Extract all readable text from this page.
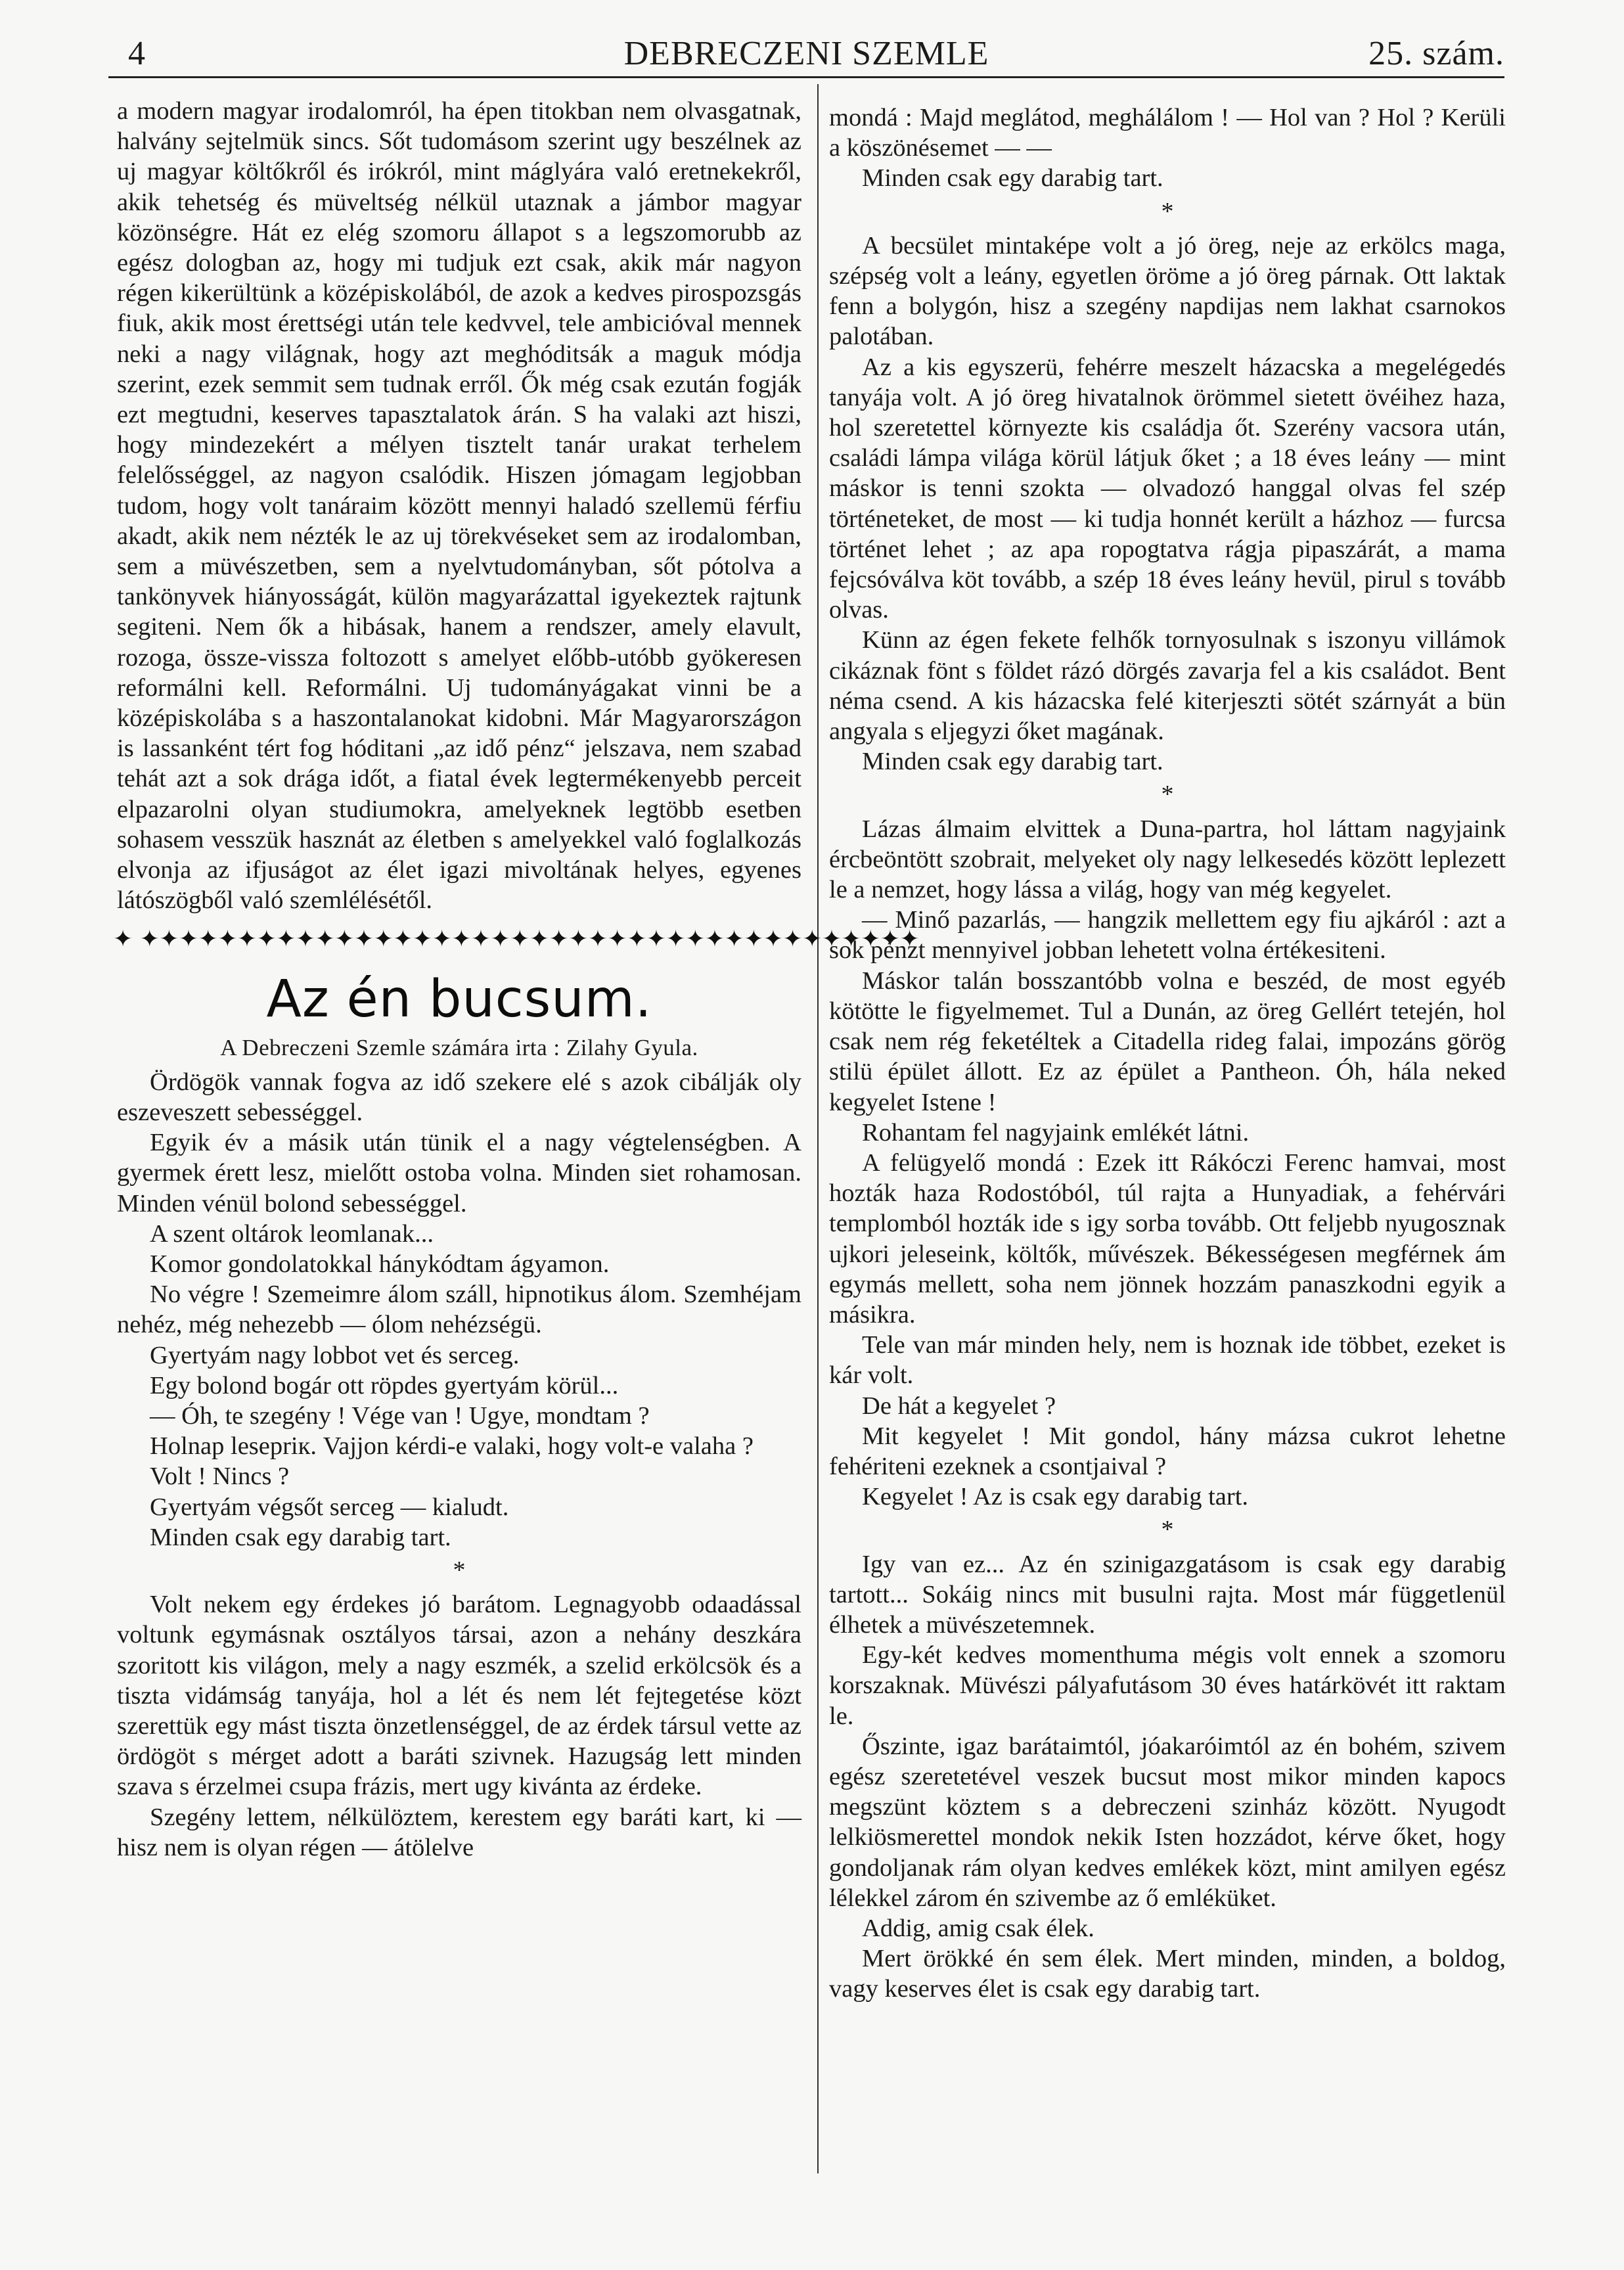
4	DEBRECZENI SZEMLE	25. szám.

a modern magyar irodalomról, ha épen titokban nem olvasgatnak, halvány sejtelmük sincs. Sőt tudomásom szerint ugy beszélnek az uj magyar költőkről és irókról, mint máglyára való eretnekekről, akik tehetség és müveltség nélkül utaznak a jámbor magyar közönségre. Hát ez elég szomoru állapot s a legszomorubb az egész dologban az, hogy mi tudjuk ezt csak, akik már nagyon régen kikerültünk a középiskolából, de azok a kedves pirospozsgás fiuk, akik most érettségi után tele kedvvel, tele ambicióval mennek neki a nagy világnak, hogy azt meghóditsák a maguk módja szerint, ezek semmit sem tudnak erről. Ők még csak ezután fogják ezt megtudni, keserves tapasztalatok árán. S ha valaki azt hiszi, hogy mindezekért a mélyen tisztelt tanár urakat terhelem felelősséggel, az nagyon csalódik. Hiszen jómagam legjobban tudom, hogy volt tanáraim között mennyi haladó szellemü férfiu akadt, akik nem nézték le az uj törekvéseket sem az irodalomban, sem a müvészetben, sem a nyelvtudományban, sőt pótolva a tankönyvek hiányosságát, külön magyarázattal igyekeztek rajtunk segiteni. Nem ők a hibásak, hanem a rendszer, amely elavult, rozoga, össze-vissza foltozott s amelyet előbb-utóbb gyökeresen reformálni kell. Reformálni. Uj tudományágakat vinni be a középiskolába s a haszontalanokat kidobni. Már Magyarországon is lassanként tért fog hóditani „az idő pénz“ jelszava, nem szabad tehát azt a sok drága időt, a fiatal évek legtermékenyebb perceit elpazarolni olyan studiumokra, amelyeknek legtöbb esetben sohasem vesszük hasznát az életben s amelyekkel való foglalkozás elvonja az ifjuságot az élet igazi mivoltának helyes, egyenes látószögből való szemlélésétől.

✦ ✦✦✦✦✦✦✦✦✦✦✦✦✦✦✦✦✦✦✦✦✦✦✦✦✦✦✦✦✦✦✦✦✦✦✦✦✦✦✦✦
Az én bucsum.
A Debreczeni Szemle számára irta : Zilahy Gyula.

Ördögök vannak fogva az idő szekere elé s azok cibálják oly eszeveszett sebességgel.

Egyik év a másik után tünik el a nagy végtelenségben. A gyermek érett lesz, mielőtt ostoba volna. Minden siet rohamosan. Minden vénül bolond sebességgel.

A szent oltárok leomlanak...

Komor gondolatokkal hánykódtam ágyamon.

No végre ! Szemeimre álom száll, hipnotikus álom. Szemhéjam nehéz, még nehezebb — ólom nehézségü.

Gyertyám nagy lobbot vet és serceg.

Egy bolond bogár ott röpdes gyertyám körül...

— Óh, te szegény ! Vége van ! Ugye, mondtam ?

Holnap lesepriк. Vajjon kérdi-e valaki, hogy volt-e valaha ?

Volt ! Nincs ?

Gyertyám végsőt serceg — kialudt.

Minden csak egy darabig tart.

*

Volt nekem egy érdekes jó barátom. Legnagyobb odaadással voltunk egymásnak osztályos társai, azon a nehány deszkára szoritott kis világon, mely a nagy eszmék, a szelid erkölcsök és a tiszta vidámság tanyája, hol a lét és nem lét fejtegetése közt szerettük egy mást tiszta önzetlenséggel, de az érdek társul vette az ördögöt s mérget adott a baráti szivnek. Hazugság lett minden szava s érzelmei csupa frázis, mert ugy kivánta az érdeke.

Szegény lettem, nélkülöztem, kerestem egy baráti kart, ki — hisz nem is olyan régen — átölelve

mondá : Majd meglátod, meghálálom ! — Hol van ? Hol ? Kerüli a köszönésemet — —

Minden csak egy darabig tart.

*

A becsület mintaképe volt a jó öreg, neje az erkölcs maga, szépség volt a leány, egyetlen öröme a jó öreg párnak. Ott laktak fenn a bolygón, hisz a szegény napdijas nem lakhat csarnokos palotában.

Az a kis egyszerü, fehérre meszelt házacska a megelégedés tanyája volt. A jó öreg hivatalnok örömmel sietett övéihez haza, hol szeretettel környezte kis családja őt. Szerény vacsora után, családi lámpa világa körül látjuk őket ; a 18 éves leány — mint máskor is tenni szokta — olvadozó hanggal olvas fel szép történeteket, de most — ki tudja honnét került a házhoz — furcsa történet lehet ; az apa ropogtatva rágja pipaszárát, a mama fejcsóválva köt tovább, a szép 18 éves leány hevül, pirul s tovább olvas.

Künn az égen fekete felhők tornyosulnak s iszonyu villámok cikáznak fönt s földet rázó dörgés zavarja fel a kis családot. Bent néma csend. A kis házacska felé kiterjeszti sötét szárnyát a bün angyala s eljegyzi őket magának.

Minden csak egy darabig tart.

*

Lázas álmaim elvittek a Duna-partra, hol láttam nagyjaink ércbeöntött szobrait, melyeket oly nagy lelkesedés között leplezett le a nemzet, hogy lássa a világ, hogy van még kegyelet.

— Minő pazarlás, — hangzik mellettem egy fiu ajkáról : azt a sok pénzt mennyivel jobban lehetett volna értékesiteni.

Máskor talán bosszantóbb volna e beszéd, de most egyéb kötötte le figyelmemet. Tul a Dunán, az öreg Gellért tetején, hol csak nem rég feketéltek a Citadella rideg falai, impozáns görög stilü épület állott. Ez az épület a Pantheon. Óh, hála neked kegyelet Istene !

Rohantam fel nagyjaink emlékét látni.

A felügyelő mondá : Ezek itt Rákóczi Ferenc hamvai, most hozták haza Rodostóból, túl rajta a Hunyadiak, a fehérvári templomból hozták ide s igy sorba tovább. Ott feljebb nyugosznak ujkori jeleseink, költők, művészek. Békességesen megférnek ám egymás mellett, soha nem jönnek hozzám panaszkodni egyik a másikra.

Tele van már minden hely, nem is hoznak ide többet, ezeket is kár volt.

De hát a kegyelet ?

Mit kegyelet ! Mit gondol, hány mázsa cukrot lehetne fehériteni ezeknek a csontjaival ?

Kegyelet ! Az is csak egy darabig tart.

*

Igy van ez... Az én szinigazgatásom is csak egy darabig tartott... Sokáig nincs mit busulni rajta. Most már függetlenül élhetek a müvészetemnek.

Egy-két kedves momenthuma mégis volt ennek a szomoru korszaknak. Müvészi pályafutásom 30 éves határkövét itt raktam le.

Őszinte, igaz barátaimtól, jóakaróimtól az én bohém, szivem egész szeretetével veszek bucsut most mikor minden kapocs megszünt köztem s a debreczeni szinház között. Nyugodt lelkiösmerettel mondok nekik Isten hozzádot, kérve őket, hogy gondoljanak rám olyan kedves emlékek közt, mint amilyen egész lélekkel zárom én szivembe az ő emléküket.

Addig, amig csak élek.

Mert örökké én sem élek. Mert minden, minden, a boldog, vagy keserves élet is csak egy darabig tart.
